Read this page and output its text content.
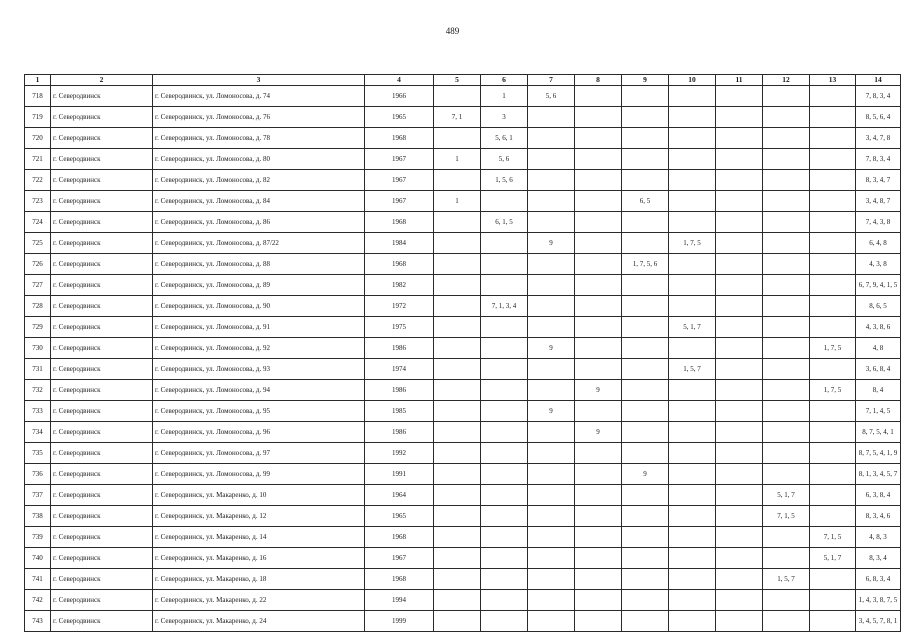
489
1	2	3	4	5	6	7	8	9	10	11	12	13	14
718	г. Северодвинск	г. Северодвинск, ул. Ломоносова, д. 74	1966		1	5, 6							7, 8, 3, 4
719	г. Северодвинск	г. Северодвинск, ул. Ломоносова, д. 76	1965	7, 1	3								8, 5, 6, 4
720	г. Северодвинск	г. Северодвинск, ул. Ломоносова, д. 78	1968		5, 6, 1								3, 4, 7, 8
721	г. Северодвинск	г. Северодвинск, ул. Ломоносова, д. 80	1967	1	5, 6								7, 8, 3, 4
722	г. Северодвинск	г. Северодвинск, ул. Ломоносова, д. 82	1967		1, 5, 6								8, 3, 4, 7
723	г. Северодвинск	г. Северодвинск, ул. Ломоносова, д. 84	1967	1				6, 5					3, 4, 8, 7
724	г. Северодвинск	г. Северодвинск, ул. Ломоносова, д. 86	1968		6, 1, 5								7, 4, 3, 8
725	г. Северодвинск	г. Северодвинск, ул. Ломоносова, д. 87/22	1984			9			1, 7, 5				6, 4, 8
726	г. Северодвинск	г. Северодвинск, ул. Ломоносова, д. 88	1968					1, 7, 5, 6					4, 3, 8
727	г. Северодвинск	г. Северодвинск, ул. Ломоносова, д. 89	1982										6, 7, 9, 4, 1, 5
728	г. Северодвинск	г. Северодвинск, ул. Ломоносова, д. 90	1972		7, 1, 3, 4								8, 6, 5
729	г. Северодвинск	г. Северодвинск, ул. Ломоносова, д. 91	1975						5, 1, 7				4, 3, 8, 6
730	г. Северодвинск	г. Северодвинск, ул. Ломоносова, д. 92	1986			9						1, 7, 5	4, 8
731	г. Северодвинск	г. Северодвинск, ул. Ломоносова, д. 93	1974						1, 5, 7				3, 6, 8, 4
732	г. Северодвинск	г. Северодвинск, ул. Ломоносова, д. 94	1986				9					1, 7, 5	8, 4
733	г. Северодвинск	г. Северодвинск, ул. Ломоносова, д. 95	1985			9							7, 1, 4, 5
734	г. Северодвинск	г. Северодвинск, ул. Ломоносова, д. 96	1986				9						8, 7, 5, 4, 1
735	г. Северодвинск	г. Северодвинск, ул. Ломоносова, д. 97	1992										8, 7, 5, 4, 1, 9
736	г. Северодвинск	г. Северодвинск, ул. Ломоносова, д. 99	1991					9					8, 1, 3, 4, 5, 7
737	г. Северодвинск	г. Северодвинск, ул. Макаренко, д. 10	1964								5, 1, 7		6, 3, 8, 4
738	г. Северодвинск	г. Северодвинск, ул. Макаренко, д. 12	1965								7, 1, 5		8, 3, 4, 6
739	г. Северодвинск	г. Северодвинск, ул. Макаренко, д. 14	1968									7, 1, 5	4, 8, 3
740	г. Северодвинск	г. Северодвинск, ул. Макаренко, д. 16	1967									5, 1, 7	8, 3, 4
741	г. Северодвинск	г. Северодвинск, ул. Макаренко, д. 18	1968								1, 5, 7		6, 8, 3, 4
742	г. Северодвинск	г. Северодвинск, ул. Макаренко, д. 22	1994										1, 4, 3, 8, 7, 5
743	г. Северодвинск	г. Северодвинск, ул. Макаренко, д. 24	1999										3, 4, 5, 7, 8, 1
